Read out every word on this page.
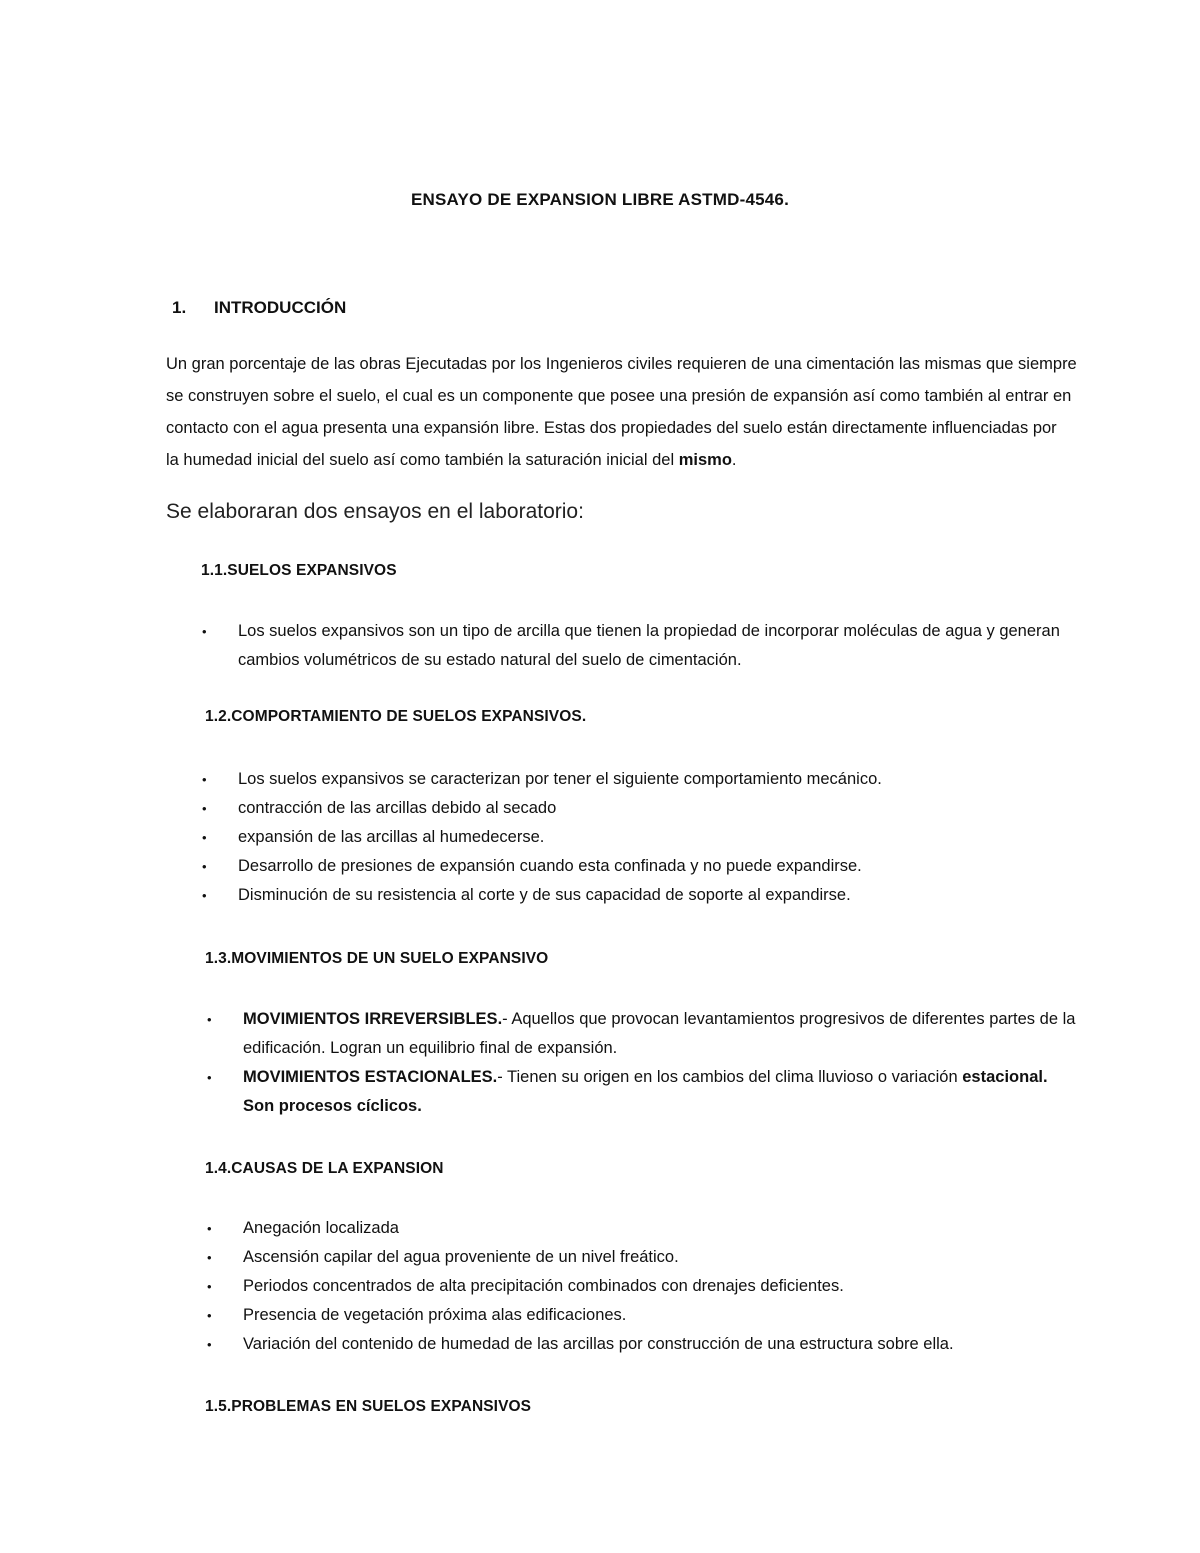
ENSAYO DE EXPANSION LIBRE ASTMD-4546.
1. INTRODUCCIÓN
Un gran porcentaje de las obras Ejecutadas por los Ingenieros civiles requieren de una cimentación las mismas que siempre
se construyen sobre el suelo, el cual es un componente que posee una presión de expansión así como también al entrar en
contacto con el agua presenta una expansión libre. Estas dos propiedades del suelo están directamente influenciadas por
la humedad inicial del suelo así como también la saturación inicial del mismo.
Se elaboraran dos ensayos en el laboratorio:
1.1.SUELOS EXPANSIVOS
• Los suelos expansivos son un tipo de arcilla que tienen la propiedad de incorporar moléculas de agua y generan
cambios volumétricos de su estado natural del suelo de cimentación.
1.2.COMPORTAMIENTO DE SUELOS EXPANSIVOS.
• Los suelos expansivos se caracterizan por tener el siguiente comportamiento mecánico.
• contracción de las arcillas debido al secado
• expansión de las arcillas al humedecerse.
• Desarrollo de presiones de expansión cuando esta confinada y no puede expandirse.
• Disminución de su resistencia al corte y de sus capacidad de soporte al expandirse.
1.3.MOVIMIENTOS DE UN SUELO EXPANSIVO
• MOVIMIENTOS IRREVERSIBLES.- Aquellos que provocan levantamientos progresivos de diferentes partes de la
edificación. Logran un equilibrio final de expansión.
• MOVIMIENTOS ESTACIONALES.- Tienen su origen en los cambios del clima lluvioso o variación estacional.
Son procesos cíclicos.
1.4.CAUSAS DE LA EXPANSION
• Anegación localizada
• Ascensión capilar del agua proveniente de un nivel freático.
• Periodos concentrados de alta precipitación combinados con drenajes deficientes.
• Presencia de vegetación próxima alas edificaciones.
• Variación del contenido de humedad de las arcillas por construcción de una estructura sobre ella.
1.5.PROBLEMAS EN SUELOS EXPANSIVOS
